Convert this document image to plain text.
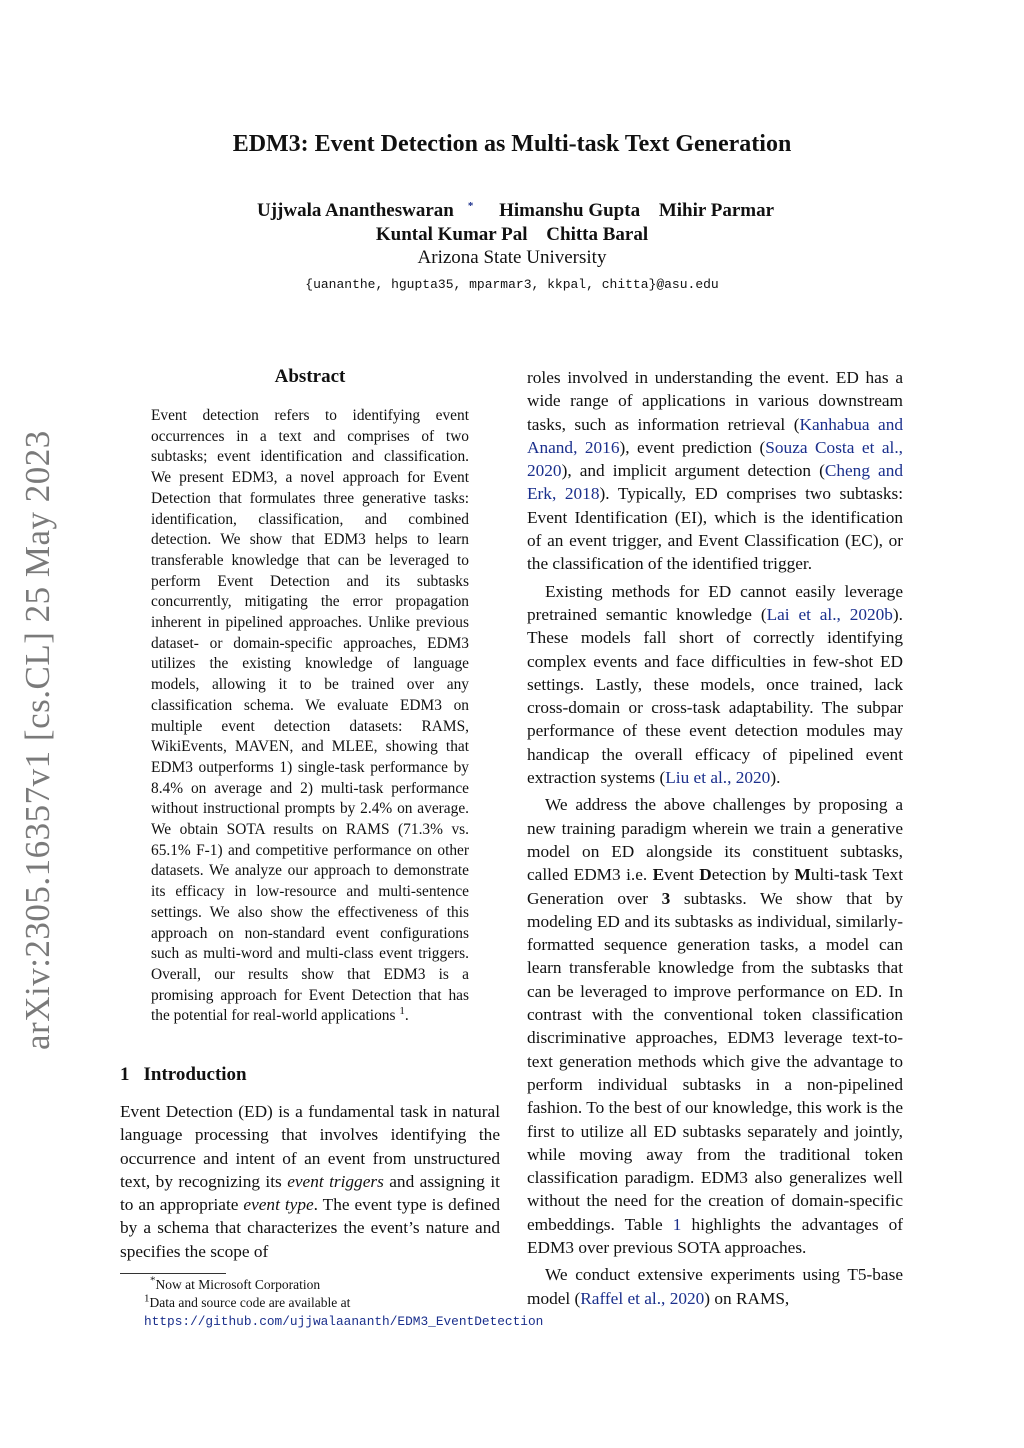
arXiv:2305.16357v1 [cs.CL] 25 May 2023
EDM3: Event Detection as Multi-task Text Generation
Ujjwala Anantheswaran * Himanshu Gupta Mihir Parmar
Kuntal Kumar Pal Chitta Baral
Arizona State University
{uananthe, hgupta35, mparmar3, kkpal, chitta}@asu.edu
Abstract

Event detection refers to identifying event occurrences in a text and comprises of two subtasks; event identification and classification. We present EDM3, a novel approach for Event Detection that formulates three generative tasks: identification, classification, and combined detection. We show that EDM3 helps to learn transferable knowledge that can be leveraged to perform Event Detection and its subtasks concurrently, mitigating the error propagation inherent in pipelined approaches. Unlike previous dataset- or domain-specific approaches, EDM3 utilizes the existing knowledge of language models, allowing it to be trained over any classification schema. We evaluate EDM3 on multiple event detection datasets: RAMS, WikiEvents, MAVEN, and MLEE, showing that EDM3 outperforms 1) single-task performance by 8.4% on average and 2) multi-task performance without instructional prompts by 2.4% on average. We obtain SOTA results on RAMS (71.3% vs. 65.1% F-1) and competitive performance on other datasets. We analyze our approach to demonstrate its efficacy in low-resource and multi-sentence settings. We also show the effectiveness of this approach on non-standard event configurations such as multi-word and multi-class event triggers. Overall, our results show that EDM3 is a promising approach for Event Detection that has the potential for real-world applications $^1$.

1 Introduction

Event Detection (ED) is a fundamental task in natural language processing that involves identifying the occurrence and intent of an event from unstructured text, by recognizing its event triggers and assigning it to an appropriate event type. The event type is defined by a schema that characterizes the event’s nature and specifies the scope of

*Now at Microsoft Corporation

$^1$Data and source code are available at https://github.com/ujjwalaananth/EDM3_EventDetection

roles involved in understanding the event. ED has a wide range of applications in various downstream tasks, such as information retrieval (Kanhabua and Anand, 2016), event prediction (Souza Costa et al., 2020), and implicit argument detection (Cheng and Erk, 2018). Typically, ED comprises two subtasks: Event Identification (EI), which is the identification of an event trigger, and Event Classification (EC), or the classification of the identified trigger.

Existing methods for ED cannot easily leverage pretrained semantic knowledge (Lai et al., 2020b). These models fall short of correctly identifying complex events and face difficulties in few-shot ED settings. Lastly, these models, once trained, lack cross-domain or cross-task adaptability. The subpar performance of these event detection modules may handicap the overall efficacy of pipelined event extraction systems (Liu et al., 2020).

We address the above challenges by proposing a new training paradigm wherein we train a generative model on ED alongside its constituent subtasks, called EDM3 i.e. Event Detection by Multi-task Text Generation over 3 subtasks. We show that by modeling ED and its subtasks as individual, similarly-formatted sequence generation tasks, a model can learn transferable knowledge from the subtasks that can be leveraged to improve performance on ED. In contrast with the conventional token classification discriminative approaches, EDM3 leverage text-to-text generation methods which give the advantage to perform individual subtasks in a non-pipelined fashion. To the best of our knowledge, this work is the first to utilize all ED subtasks separately and jointly, while moving away from the traditional token classification paradigm. EDM3 also generalizes well without the need for the creation of domain-specific embeddings. Table 1 highlights the advantages of EDM3 over previous SOTA approaches.

We conduct extensive experiments using T5-base model (Raffel et al., 2020) on RAMS,
